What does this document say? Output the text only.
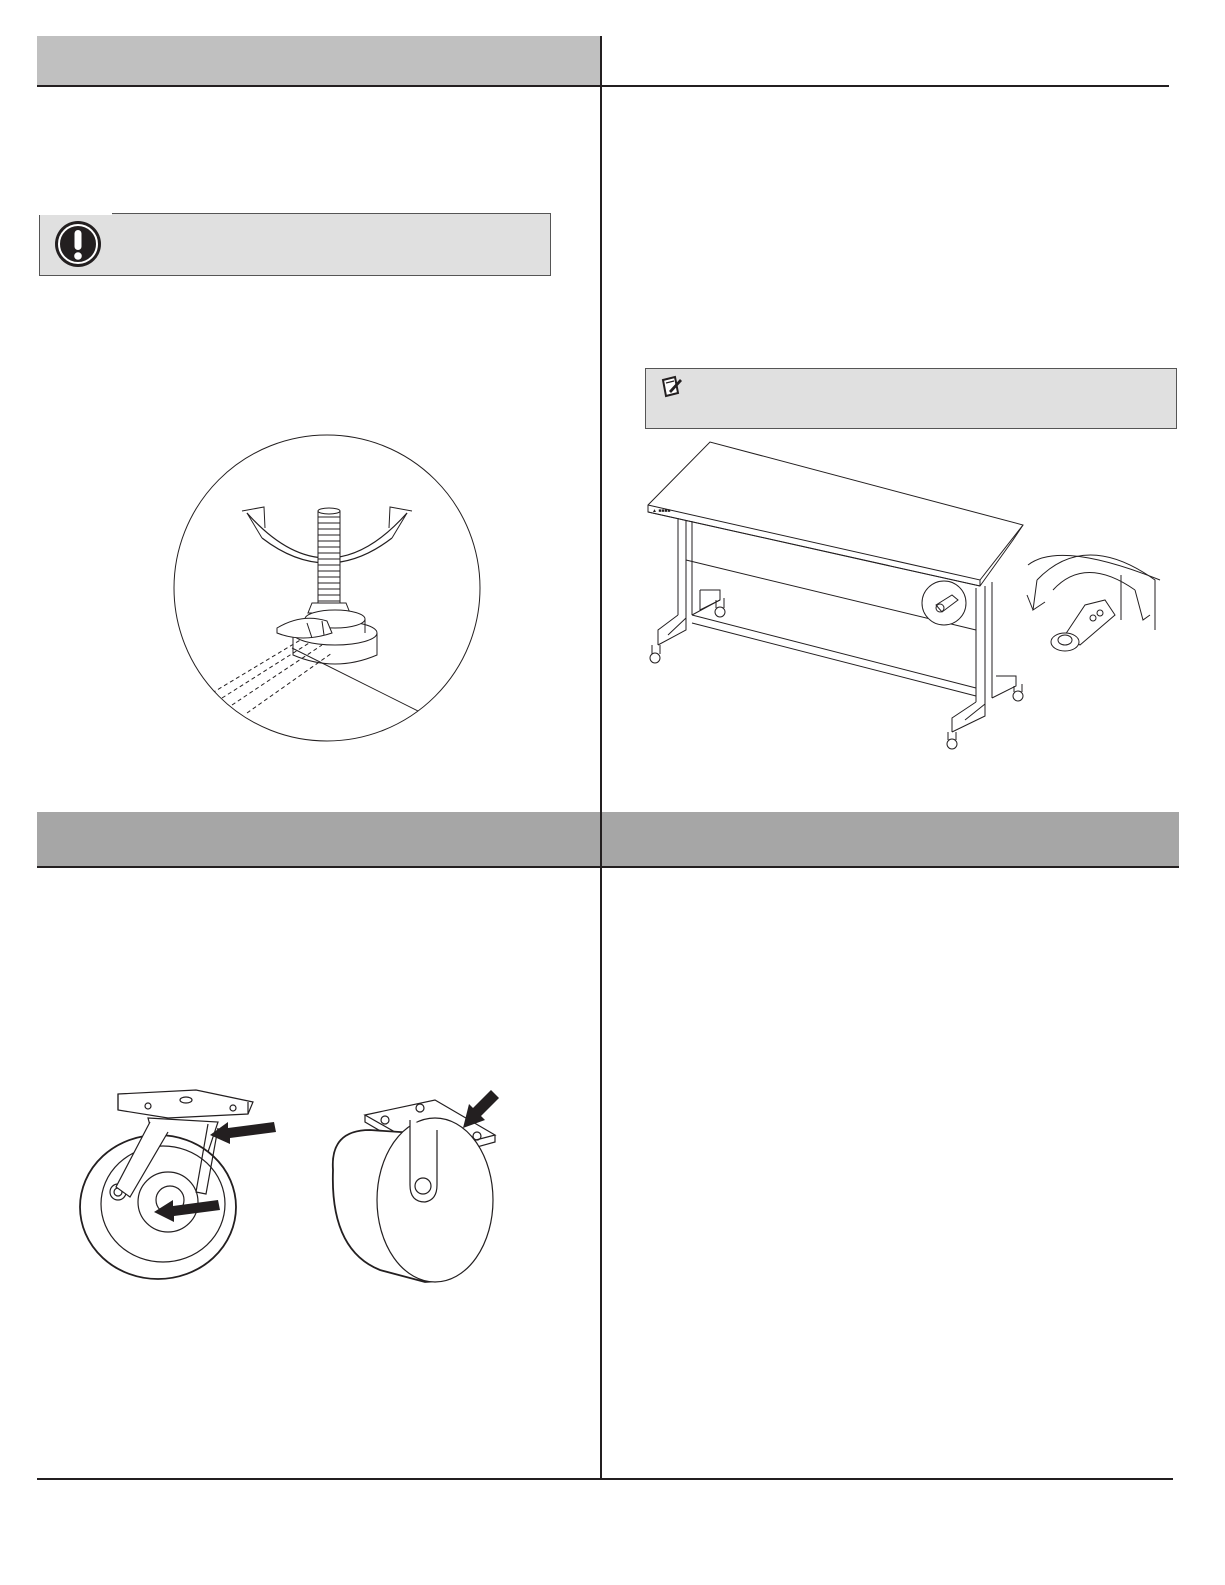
▲ ■■■■
